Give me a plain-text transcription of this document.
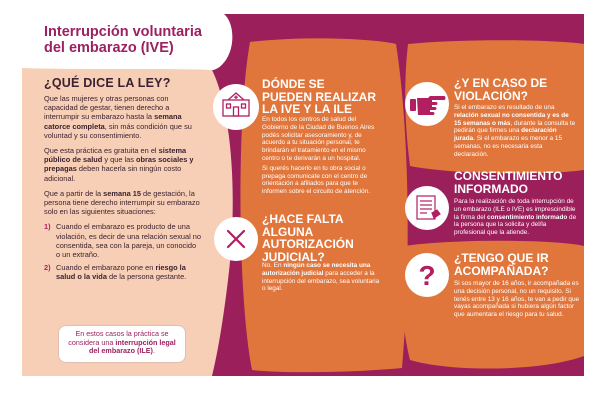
?
Interrupción voluntaria
del embarazo (IVE)
¿QUÉ DICE LA LEY?

Que las mujeres y otras personas con capacidad de gestar, tienen derecho a interrumpir su embarazo hasta la semana catorce completa, sin más condición que su voluntad y su consentimiento.

Que esta práctica es gratuita en el sistema público de salud y que las obras sociales y prepagas deben hacerla sin ningún costo adicional.

Que a partir de la semana 15 de gestación, la persona tiene derecho interrumpir su embarazo solo en las siguientes situaciones:

1) Cuando el embarazo es producto de una violación, es decir de una relación sexual no consentida, sea con la pareja, un conocido o un extraño.
2) Cuando el embarazo pone en riesgo la salud o la vida de la persona gestante.
En estos casos la práctica se considera una interrupción legal del embarazo (ILE).
DÓNDE SE PUEDEN REALIZAR LA IVE Y LA ILE
En todos los centros de salud del Gobierno de la Ciudad de Buenos Aires podés solicitar asesoramiento y, de acuerdo a tu situación personal, te brindarán el tratamiento en el mismo centro o te derivarán a un hospital.
Si querés hacerlo en tu obra social o prepaga comunicate con el centro de orientación a afiliados para que te informen sobre el circuito de atención.
¿HACE FALTA ALGUNA AUTORIZACIÓN JUDICIAL?
No. En ningún caso se necesita una autorización judicial para acceder a la interrupción del embarazo, sea voluntaria o legal.
¿Y EN CASO DE VIOLACIÓN?
Si el embarazo es resultado de una relación sexual no consentida y es de 15 semanas o más, durante la consulta te pedirán que firmes una declaración jurada. Si el embarazo es menor a 15 semanas, no es necesaria esta declaración.
CONSENTIMIENTO INFORMADO
Para la realización de toda interrupción de un embarazo (ILE o IVE) es imprescindible la firma del consentimiento informado de la persona que la solicita y del/la profesional que la atiende.
¿TENGO QUE IR ACOMPAÑADA?
Si sos mayor de 16 años, ir acompañada es una decisión personal, no un requisito. Si tenés entre 13 y 16 años, te van a pedir que vayas acompañada si hubiera algún factor que aumentara el riesgo para tu salud.
